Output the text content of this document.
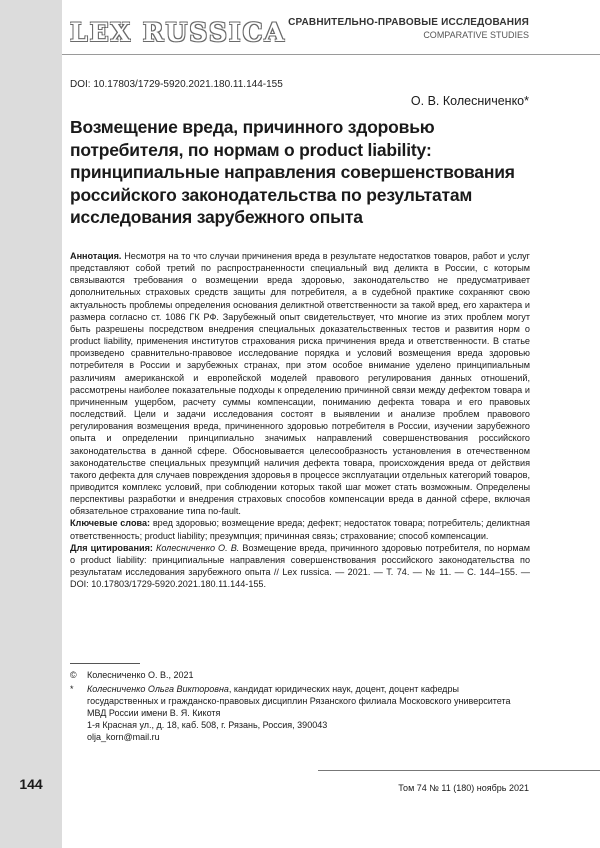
LEX RUSSICA СРАВНИТЕЛЬНО-ПРАВОВЫЕ ИССЛЕДОВАНИЯ
COMPARATIVE STUDIES
DOI: 10.17803/1729-5920.2021.180.11.144-155
О. В. Колесниченко*
Возмещение вреда, причинного здоровью потребителя, по нормам о product liability: принципиальные направления совершенствования российского законодательства по результатам исследования зарубежного опыта

Аннотация. Несмотря на то что случаи причинения вреда в результате недостатков товаров, работ и услуг представляют собой третий по распространенности специальный вид деликта в России, с которым связываются требования о возмещении вреда здоровью, законодательство не предусматривает дополнительных страховых средств защиты для потребителя, а в судебной практике сохраняют свою актуальность проблемы определения основания деликтной ответственности за такой вред, его характера и размера согласно ст. 1086 ГК РФ. Зарубежный опыт свидетельствует, что многие из этих проблем могут быть разрешены посредством внедрения специальных доказательственных тестов и развития норм о product liability, применения институтов страхования риска причинения вреда и ответственности. В статье произведено сравнительно-правовое исследование порядка и условий возмещения вреда здоровью потребителя в России и зарубежных странах, при этом особое внимание уделено принципиальным различиям американской и европейской моделей правового регулирования данных отношений, рассмотрены наиболее показательные подходы к определению причинной связи между дефектом товара и причиненным ущербом, расчету суммы компенсации, пониманию дефекта товара и его правовых последствий. Цели и задачи исследования состоят в выявлении и анализе проблем правового регулирования возмещения вреда, причиненного здоровью потребителя в России, изучении зарубежного опыта и определении принципиально значимых направлений совершенствования российского законодательства в данной сфере. Обосновывается целесообразность установления в отечественном законодательстве специальных презумпций наличия дефекта товара, происхождения вреда от действия такого дефекта для случаев повреждения здоровья в процессе эксплуатации отдельных категорий товаров, приводится комплекс условий, при соблюдении которых такой шаг может стать возможным. Определены перспективы разработки и внедрения страховых способов компенсации вреда в данной сфере, включая обязательное страхование типа no-fault.

Ключевые слова: вред здоровью; возмещение вреда; дефект; недостаток товара; потребитель; деликтная ответственность; product liability; презумпция; причинная связь; страхование; способ компенсации.

Для цитирования: Колесниченко О. В. Возмещение вреда, причинного здоровью потребителя, по нормам о product liability: принципиальные направления совершенствования российского законодательства по результатам исследования зарубежного опыта // Lex russica. — 2021. — Т. 74. — № 11. — С. 144–155. — DOI: 10.17803/1729-5920.2021.180.11.144-155.

© Колесниченко О. В., 2021
* Колесниченко Ольга Викторовна, кандидат юридических наук, доцент, доцент кафедры государственных и гражданско-правовых дисциплин Рязанского филиала Московского университета МВД России имени В. Я. Кикотя
1-я Красная ул., д. 18, каб. 508, г. Рязань, Россия, 390043
olja_korn@mail.ru
144	Том 74 № 11 (180) ноябрь 2021
